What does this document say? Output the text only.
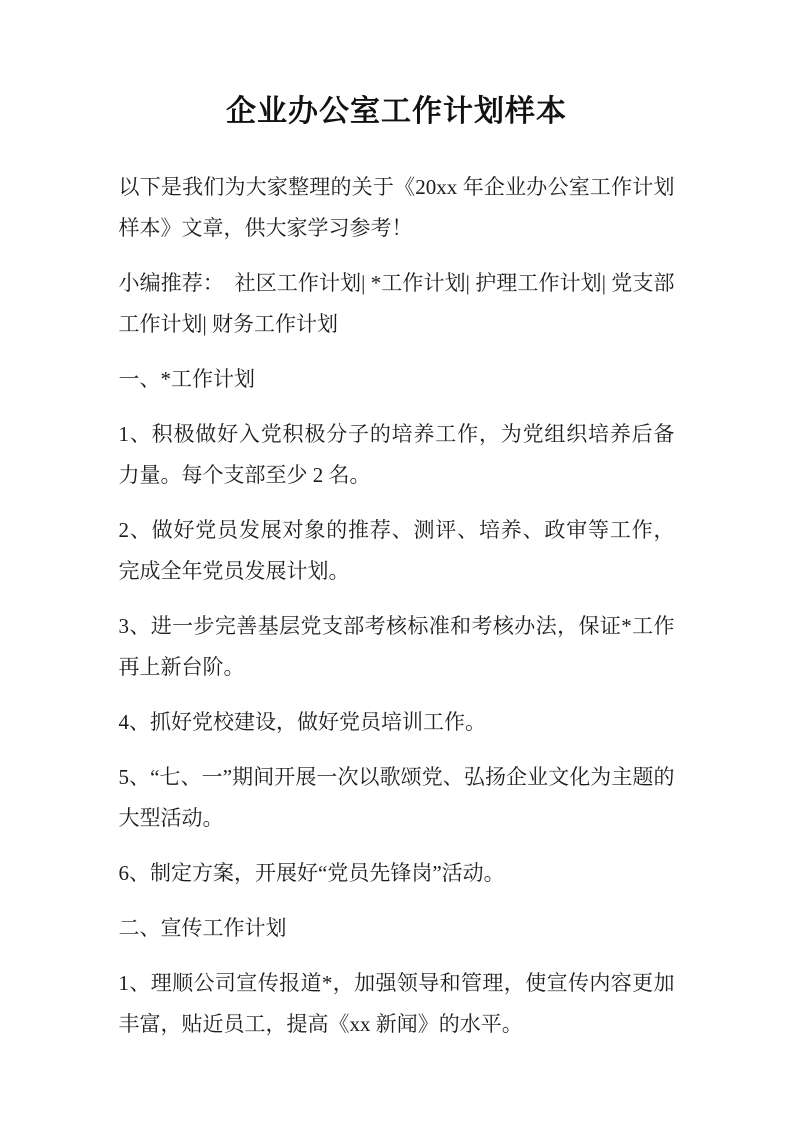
企业办公室工作计划样本

以下是我们为大家整理的关于《20xx 年企业办公室工作计划样本》文章，供大家学习参考！

小编推荐：  社区工作计划| *工作计划| 护理工作计划| 党支部工作计划| 财务工作计划

一、*工作计划

1、积极做好入党积极分子的培养工作，为党组织培养后备力量。每个支部至少 2 名。

2、做好党员发展对象的推荐、测评、培养、政审等工作，完成全年党员发展计划。

3、进一步完善基层党支部考核标准和考核办法，保证*工作再上新台阶。

4、抓好党校建设，做好党员培训工作。

5、“七、一”期间开展一次以歌颂党、弘扬企业文化为主题的大型活动。

6、制定方案，开展好“党员先锋岗”活动。

二、宣传工作计划

1、理顺公司宣传报道*，加强领导和管理，使宣传内容更加丰富，贴近员工，提高《xx 新闻》的水平。
